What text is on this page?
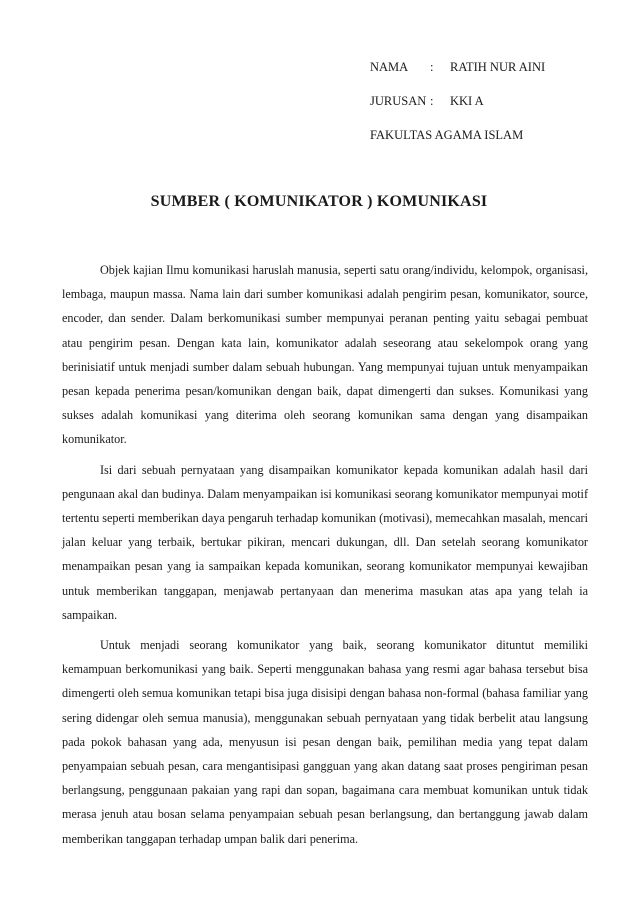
NAMA	:	RATIH NUR AINI
JURUSAN :	KKI A
FAKULTAS AGAMA ISLAM
SUMBER ( KOMUNIKATOR ) KOMUNIKASI

Objek kajian Ilmu komunikasi haruslah manusia, seperti satu orang/individu, kelompok, organisasi, lembaga, maupun massa. Nama lain dari sumber komunikasi adalah pengirim pesan, komunikator, source, encoder, dan sender. Dalam berkomunikasi sumber mempunyai peranan penting yaitu sebagai pembuat atau pengirim pesan. Dengan kata lain, komunikator adalah seseorang atau sekelompok orang yang berinisiatif untuk menjadi sumber dalam sebuah hubungan. Yang mempunyai tujuan untuk menyampaikan pesan kepada penerima pesan/komunikan dengan baik, dapat dimengerti dan sukses. Komunikasi yang sukses adalah komunikasi yang diterima oleh seorang komunikan sama dengan yang disampaikan komunikator.

Isi dari sebuah pernyataan yang disampaikan komunikator kepada komunikan adalah hasil dari pengunaan akal dan budinya. Dalam menyampaikan isi komunikasi seorang komunikator mempunyai motif tertentu seperti memberikan daya pengaruh terhadap komunikan (motivasi), memecahkan masalah, mencari jalan keluar yang terbaik, bertukar pikiran, mencari dukungan, dll. Dan setelah seorang komunikator menampaikan pesan yang ia sampaikan kepada komunikan, seorang komunikator mempunyai kewajiban untuk memberikan tanggapan, menjawab pertanyaan dan menerima masukan atas apa yang telah ia sampaikan.

Untuk menjadi seorang komunikator yang baik, seorang komunikator dituntut memiliki kemampuan berkomunikasi yang baik. Seperti menggunakan bahasa yang resmi agar bahasa tersebut bisa dimengerti oleh semua komunikan tetapi bisa juga disisipi dengan bahasa non-formal (bahasa familiar yang sering didengar oleh semua manusia), menggunakan sebuah pernyataan yang tidak berbelit atau langsung pada pokok bahasan yang ada, menyusun isi pesan dengan baik, pemilihan media yang tepat dalam penyampaian sebuah pesan, cara mengantisipasi gangguan yang akan datang saat proses pengiriman pesan berlangsung, penggunaan pakaian yang rapi dan sopan, bagaimana cara membuat komunikan untuk tidak merasa jenuh atau bosan selama penyampaian sebuah pesan berlangsung, dan bertanggung jawab dalam memberikan tanggapan terhadap umpan balik dari penerima.
